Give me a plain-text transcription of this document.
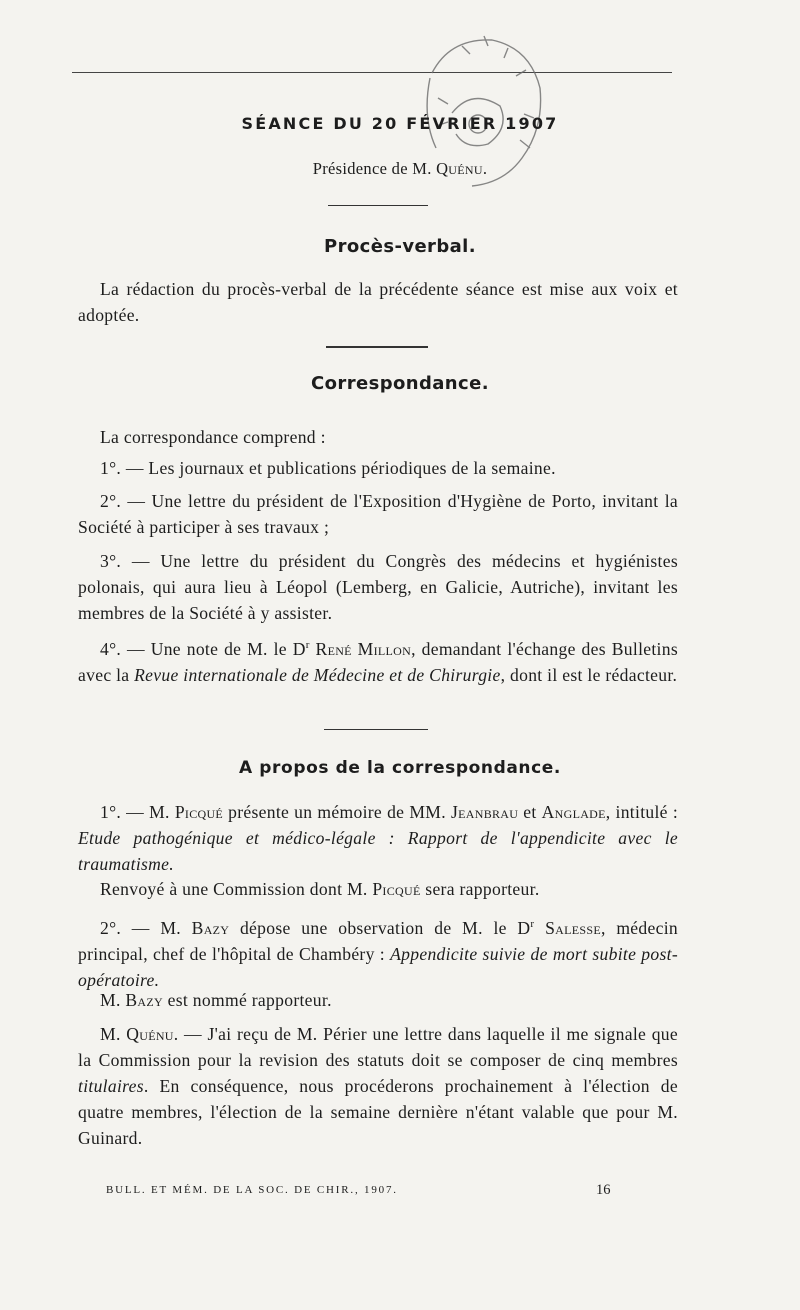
SÉANCE DU 20 FÉVRIER 1907
Présidence de M. Quénu.
Procès-verbal.
La rédaction du procès-verbal de la précédente séance est mise aux voix et adoptée.
Correspondance.
La correspondance comprend :
1°. — Les journaux et publications périodiques de la semaine.
2°. — Une lettre du président de l'Exposition d'Hygiène de Porto, invitant la Société à participer à ses travaux ;
3°. — Une lettre du président du Congrès des médecins et hygiénistes polonais, qui aura lieu à Léopol (Lemberg, en Galicie, Autriche), invitant les membres de la Société à y assister.
4°. — Une note de M. le $D^r$ René Millon, demandant l'échange des Bulletins avec la Revue internationale de Médecine et de Chirurgie, dont il est le rédacteur.
A propos de la correspondance.
1°. — M. Picqué présente un mémoire de MM. Jeanbrau et Anglade, intitulé : Etude pathogénique et médico-légale : Rapport de l'appendicite avec le traumatisme.
Renvoyé à une Commission dont M. Picqué sera rapporteur.
2°. — M. Bazy dépose une observation de M. le $D^r$ Salesse, médecin principal, chef de l'hôpital de Chambéry : Appendicite suivie de mort subite post-opératoire.
M. Bazy est nommé rapporteur.
M. Quénu. — J'ai reçu de M. Périer une lettre dans laquelle il me signale que la Commission pour la revision des statuts doit se composer de cinq membres titulaires. En conséquence, nous procéderons prochainement à l'élection de quatre membres, l'élection de la semaine dernière n'étant valable que pour M. Guinard.
BULL. ET MÉM. DE LA SOC. DE CHIR., 1907.	16
